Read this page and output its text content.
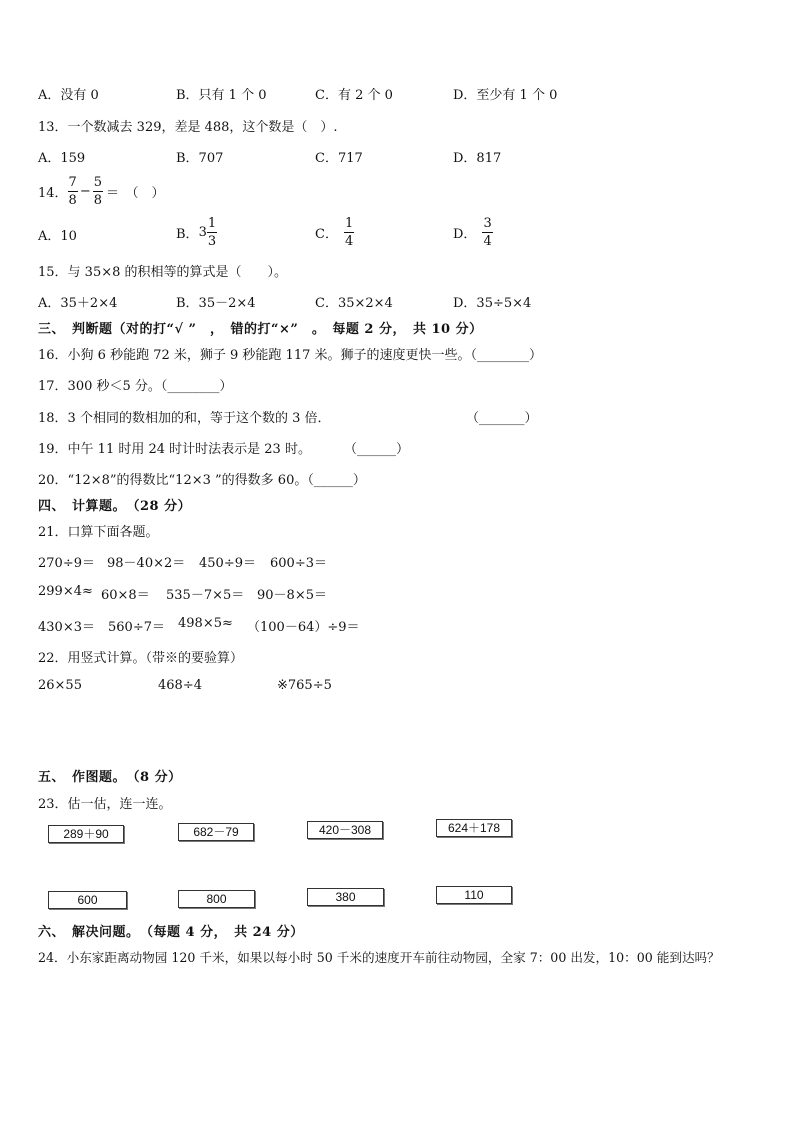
A．没有 0	B．只有 1 个 0	C．有 2 个 0	D．至少有 1 个 0
13．一个数减去 329，差是 488，这个数是（　）.
A．159	B．707	C．717	D．817
14． $\frac{7}{8} - \frac{5}{8}$ ＝　（　）
A．10	B． $3 \frac{1}{3}$	C． $\frac{1}{4}$	D． $\frac{3}{4}$
15．与 35×8 的积相等的算式是（　　）。
A．35＋2×4	B．35－2×4	C．35×2×4	D．35÷5×4
三、　判断题（对的打“√ ”　，　错的打“×”　。　每题 2 分，　共 10 分）
16．小狗 6 秒能跑 72 米，狮子 9 秒能跑 117 米。狮子的速度更快一些。（________）
17．300 秒＜5 分。（________）
18．3 个相同的数相加的和，等于这个数的 3 倍．	（_______）
19．中午 11 时用 24 时计时法表示是 23 时。	（______）
20．“12×8”的得数比“12×3 ”的得数多 60。（______）
四、　计算题。　（28 分）
21．口算下面各题。
270÷9＝ 98－40×2＝ 450÷9＝ 600÷3＝
299×4≈ 60×8＝ 535－7×5＝ 90－8×5＝
430×3＝ 560÷7＝ 498×5≈ （100－64）÷9＝
22．用竖式计算。（带※的要验算）
26×55	468÷4	※765÷5
五、　作图题。　（8 分）
23．估一估，连一连。
289＋90	682－79	420－308	624＋178
600	800	380	110
六、　解决问题。　（每题 4 分，　共 24 分）
24．小东家距离动物园 120 千米，如果以每小时 50 千米的速度开车前往动物园，全家 7：00 出发，10：00 能到达吗？
